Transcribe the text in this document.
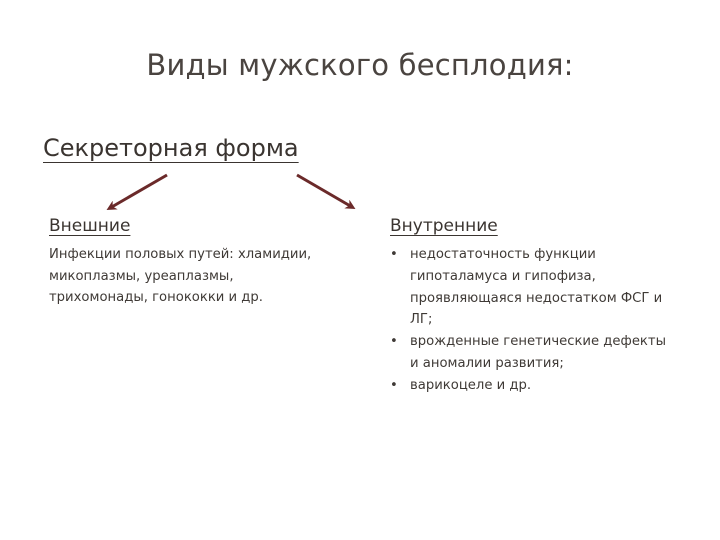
Виды мужского бесплодия:
Секреторная форма
Внешние
Инфекции половых путей: хламидии, микоплазмы, уреаплазмы, трихомонады, гонококки и др.
Внутренние
• недостаточность функции гипоталамуса и гипофиза, проявляющаяся недостатком ФСГ и ЛГ;
• врожденные генетические дефекты и аномалии развития;
• варикоцеле и др.
